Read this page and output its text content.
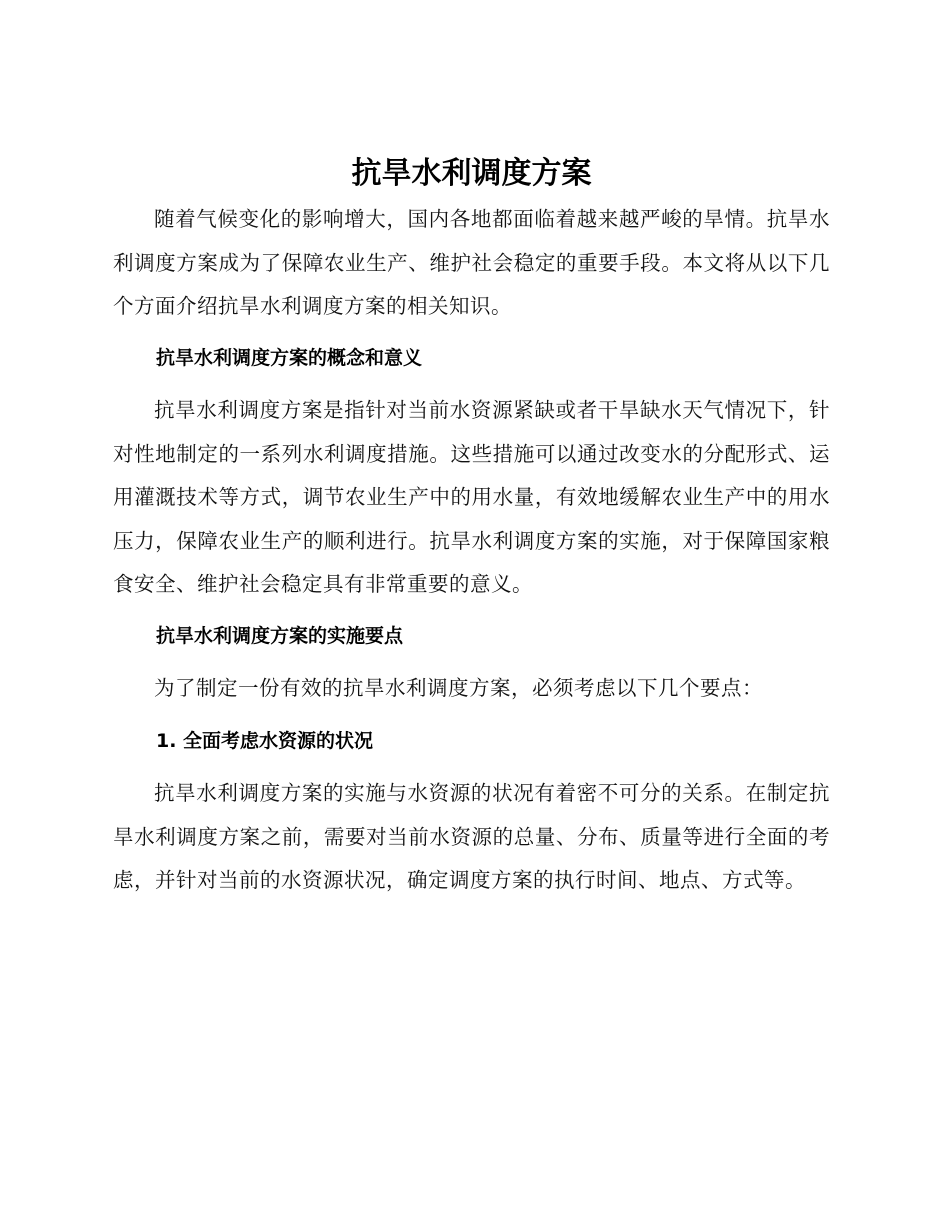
抗旱水利调度方案

随着气候变化的影响增大，国内各地都面临着越来越严峻的旱情。抗旱水利调度方案成为了保障农业生产、维护社会稳定的重要手段。本文将从以下几个方面介绍抗旱水利调度方案的相关知识。

抗旱水利调度方案的概念和意义

抗旱水利调度方案是指针对当前水资源紧缺或者干旱缺水天气情况下，针对性地制定的一系列水利调度措施。这些措施可以通过改变水的分配形式、运用灌溉技术等方式，调节农业生产中的用水量，有效地缓解农业生产中的用水压力，保障农业生产的顺利进行。抗旱水利调度方案的实施，对于保障国家粮食安全、维护社会稳定具有非常重要的意义。

抗旱水利调度方案的实施要点

为了制定一份有效的抗旱水利调度方案，必须考虑以下几个要点：

1. 全面考虑水资源的状况

抗旱水利调度方案的实施与水资源的状况有着密不可分的关系。在制定抗旱水利调度方案之前，需要对当前水资源的总量、分布、质量等进行全面的考虑，并针对当前的水资源状况，确定调度方案的执行时间、地点、方式等。
